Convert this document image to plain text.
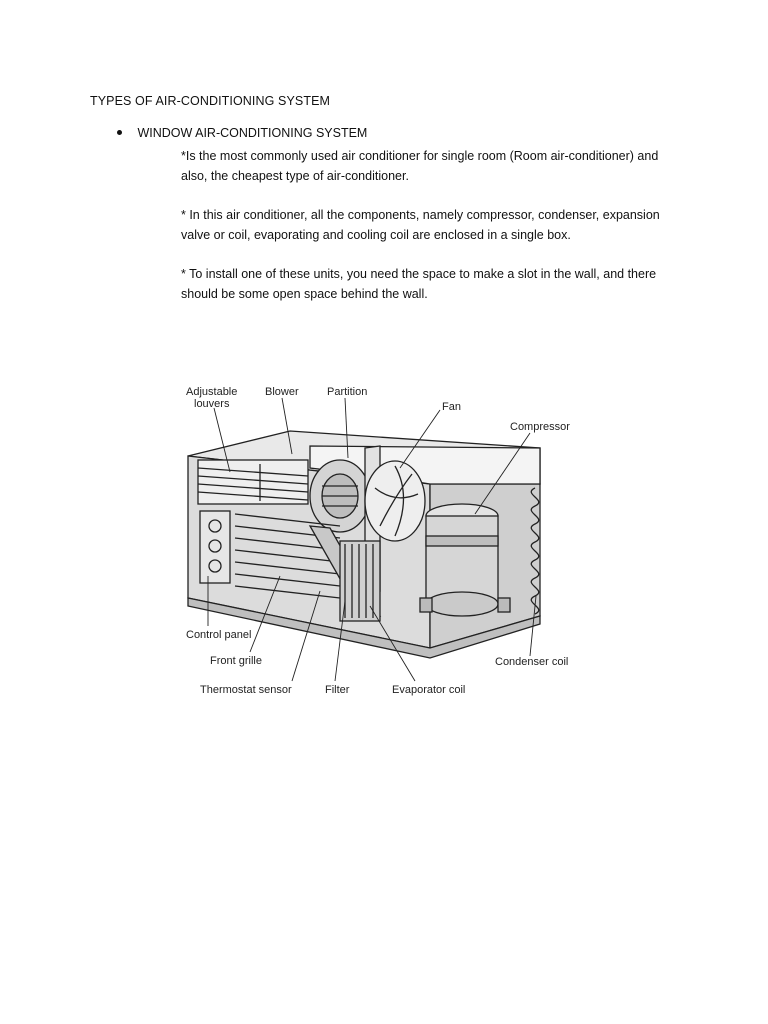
TYPES OF AIR-CONDITIONING SYSTEM
WINDOW AIR-CONDITIONING SYSTEM
*Is the most commonly used air conditioner for single room (Room air-conditioner) and also, the cheapest type of air-conditioner.
* In this air conditioner, all the components, namely compressor, condenser, expansion valve or coil, evaporating and cooling coil are enclosed in a single box.
* To install one of these units, you need the space to make a slot in the wall, and there should be some open space behind the wall.
Adjustable
louvers
Blower	Partition
Fan
Compressor
Control panel
Front grille
Thermostat sensor	Filter	Evaporator coil
Condenser coil
